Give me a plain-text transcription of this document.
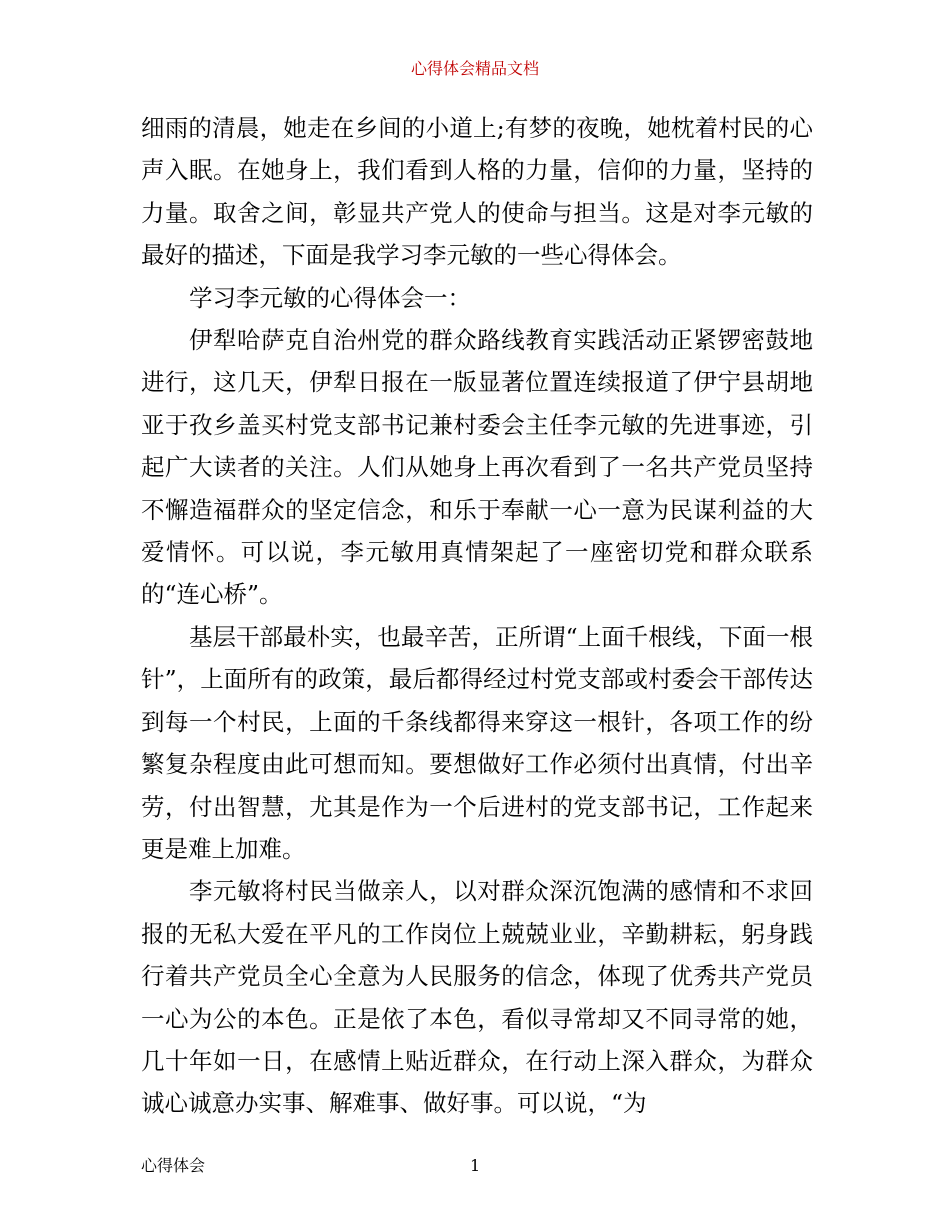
心得体会精品文档

细雨的清晨，她走在乡间的小道上;有梦的夜晚，她枕着村民的心声入眠。在她身上，我们看到人格的力量，信仰的力量，坚持的力量。取舍之间，彰显共产党人的使命与担当。这是对李元敏的最好的描述，下面是我学习李元敏的一些心得体会。

学习李元敏的心得体会一：

伊犁哈萨克自治州党的群众路线教育实践活动正紧锣密鼓地进行，这几天，伊犁日报在一版显著位置连续报道了伊宁县胡地亚于孜乡盖买村党支部书记兼村委会主任李元敏的先进事迹，引起广大读者的关注。人们从她身上再次看到了一名共产党员坚持不懈造福群众的坚定信念，和乐于奉献一心一意为民谋利益的大爱情怀。可以说，李元敏用真情架起了一座密切党和群众联系的“连心桥”。

基层干部最朴实，也最辛苦，正所谓“上面千根线，下面一根针”，上面所有的政策，最后都得经过村党支部或村委会干部传达到每一个村民，上面的千条线都得来穿这一根针，各项工作的纷繁复杂程度由此可想而知。要想做好工作必须付出真情，付出辛劳，付出智慧，尤其是作为一个后进村的党支部书记，工作起来更是难上加难。

李元敏将村民当做亲人，以对群众深沉饱满的感情和不求回报的无私大爱在平凡的工作岗位上兢兢业业，辛勤耕耘，躬身践行着共产党员全心全意为人民服务的信念，体现了优秀共产党员一心为公的本色。正是依了本色，看似寻常却又不同寻常的她，几十年如一日，在感情上贴近群众，在行动上深入群众，为群众诚心诚意办实事、解难事、做好事。可以说，“为

心得体会	1
